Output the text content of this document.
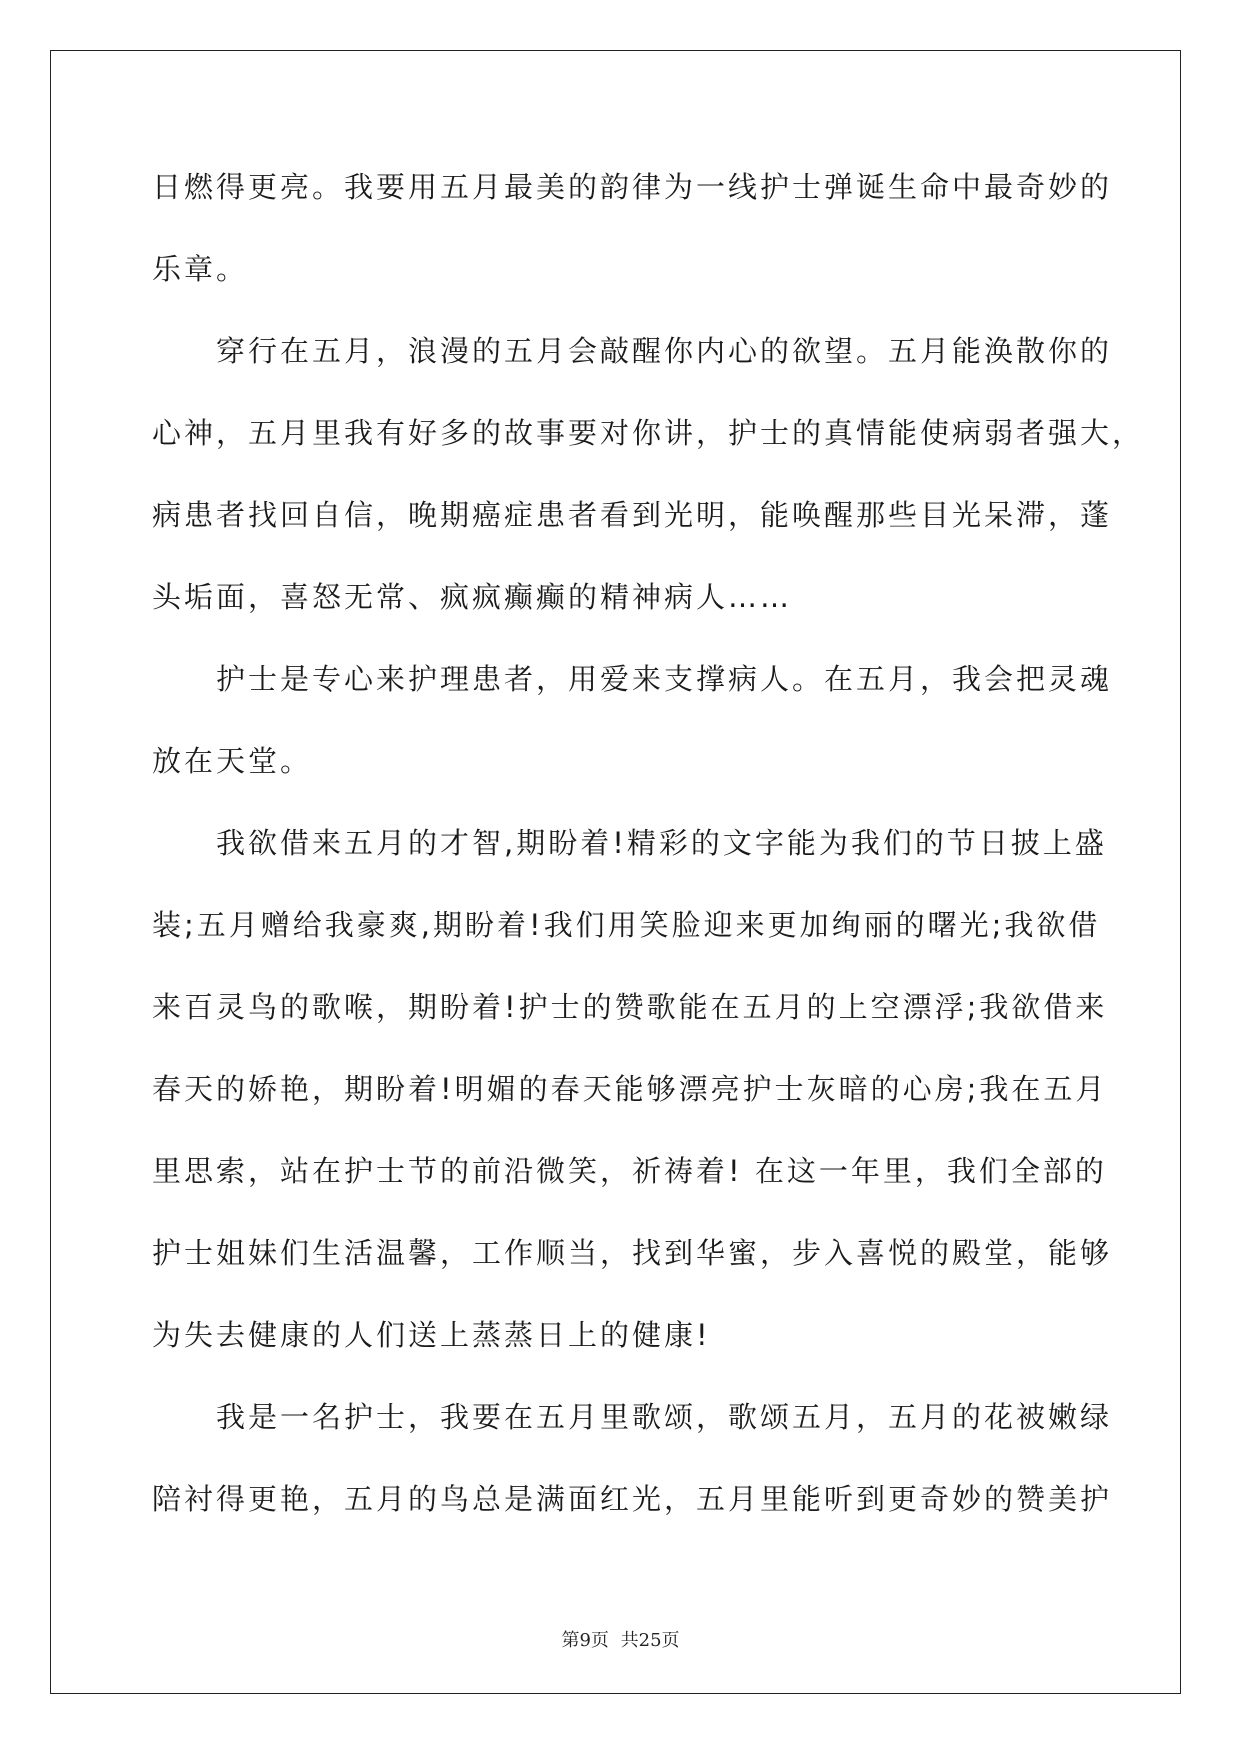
日燃得更亮。我要用五月最美的韵律为一线护士弹诞生命中最奇妙的
乐章。
　　穿行在五月，浪漫的五月会敲醒你内心的欲望。五月能涣散你的
心神，五月里我有好多的故事要对你讲，护士的真情能使病弱者强大，
病患者找回自信，晚期癌症患者看到光明，能唤醒那些目光呆滞，蓬
头垢面，喜怒无常、疯疯癫癫的精神病人……
　　护士是专心来护理患者，用爱来支撑病人。在五月，我会把灵魂
放在天堂。
　　我欲借来五月的才智,期盼着!精彩的文字能为我们的节日披上盛
装;五月赠给我豪爽,期盼着!我们用笑脸迎来更加绚丽的曙光;我欲借
来百灵鸟的歌喉，期盼着!护士的赞歌能在五月的上空漂浮;我欲借来
春天的娇艳，期盼着!明媚的春天能够漂亮护士灰暗的心房;我在五月
里思索，站在护士节的前沿微笑，祈祷着! 在这一年里，我们全部的
护士姐妹们生活温馨，工作顺当，找到华蜜，步入喜悦的殿堂，能够
为失去健康的人们送上蒸蒸日上的健康!
　　我是一名护士，我要在五月里歌颂，歌颂五月，五月的花被嫩绿
陪衬得更艳，五月的鸟总是满面红光，五月里能听到更奇妙的赞美护
第9页 共25页
